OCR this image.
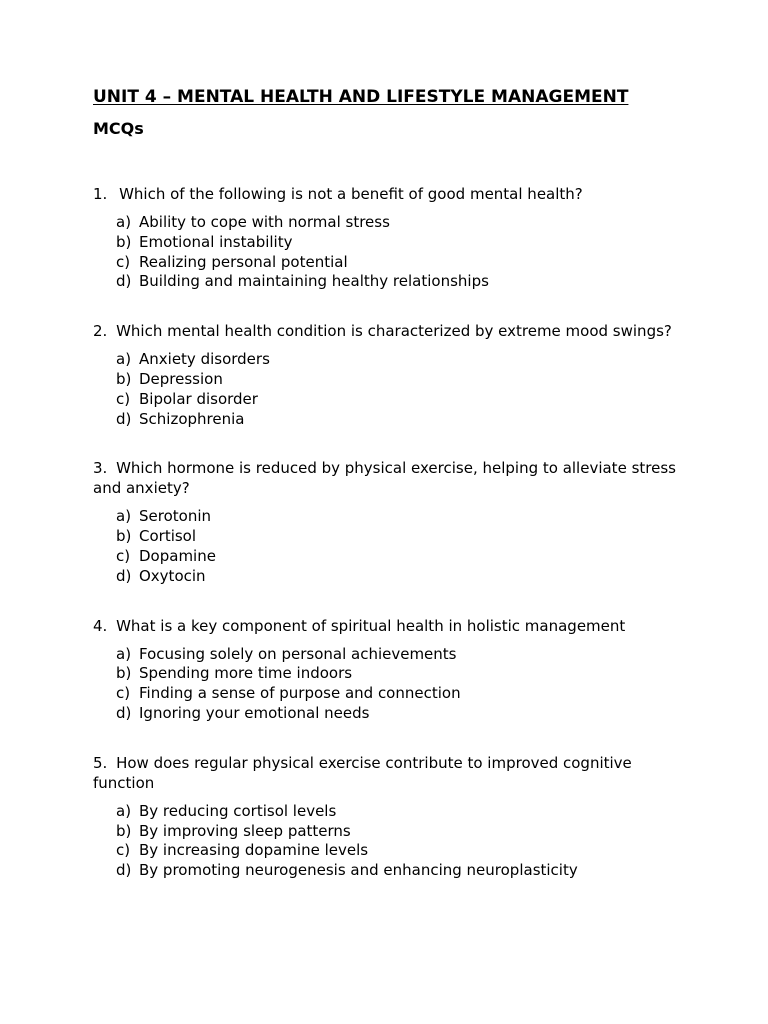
UNIT 4 – MENTAL HEALTH AND LIFESTYLE MANAGEMENT
MCQs

1. Which of the following is not a benefit of good mental health?

a) Ability to cope with normal stress
b) Emotional instability
c) Realizing personal potential
d) Building and maintaining healthy relationships

2. Which mental health condition is characterized by extreme mood swings?

a) Anxiety disorders
b) Depression
c) Bipolar disorder
d) Schizophrenia

3. Which hormone is reduced by physical exercise, helping to alleviate stress and anxiety?

a) Serotonin
b) Cortisol
c) Dopamine
d) Oxytocin

4. What is a key component of spiritual health in holistic management

a) Focusing solely on personal achievements
b) Spending more time indoors
c) Finding a sense of purpose and connection
d) Ignoring your emotional needs

5. How does regular physical exercise contribute to improved cognitive function

a) By reducing cortisol levels
b) By improving sleep patterns
c) By increasing dopamine levels
d) By promoting neurogenesis and enhancing neuroplasticity
